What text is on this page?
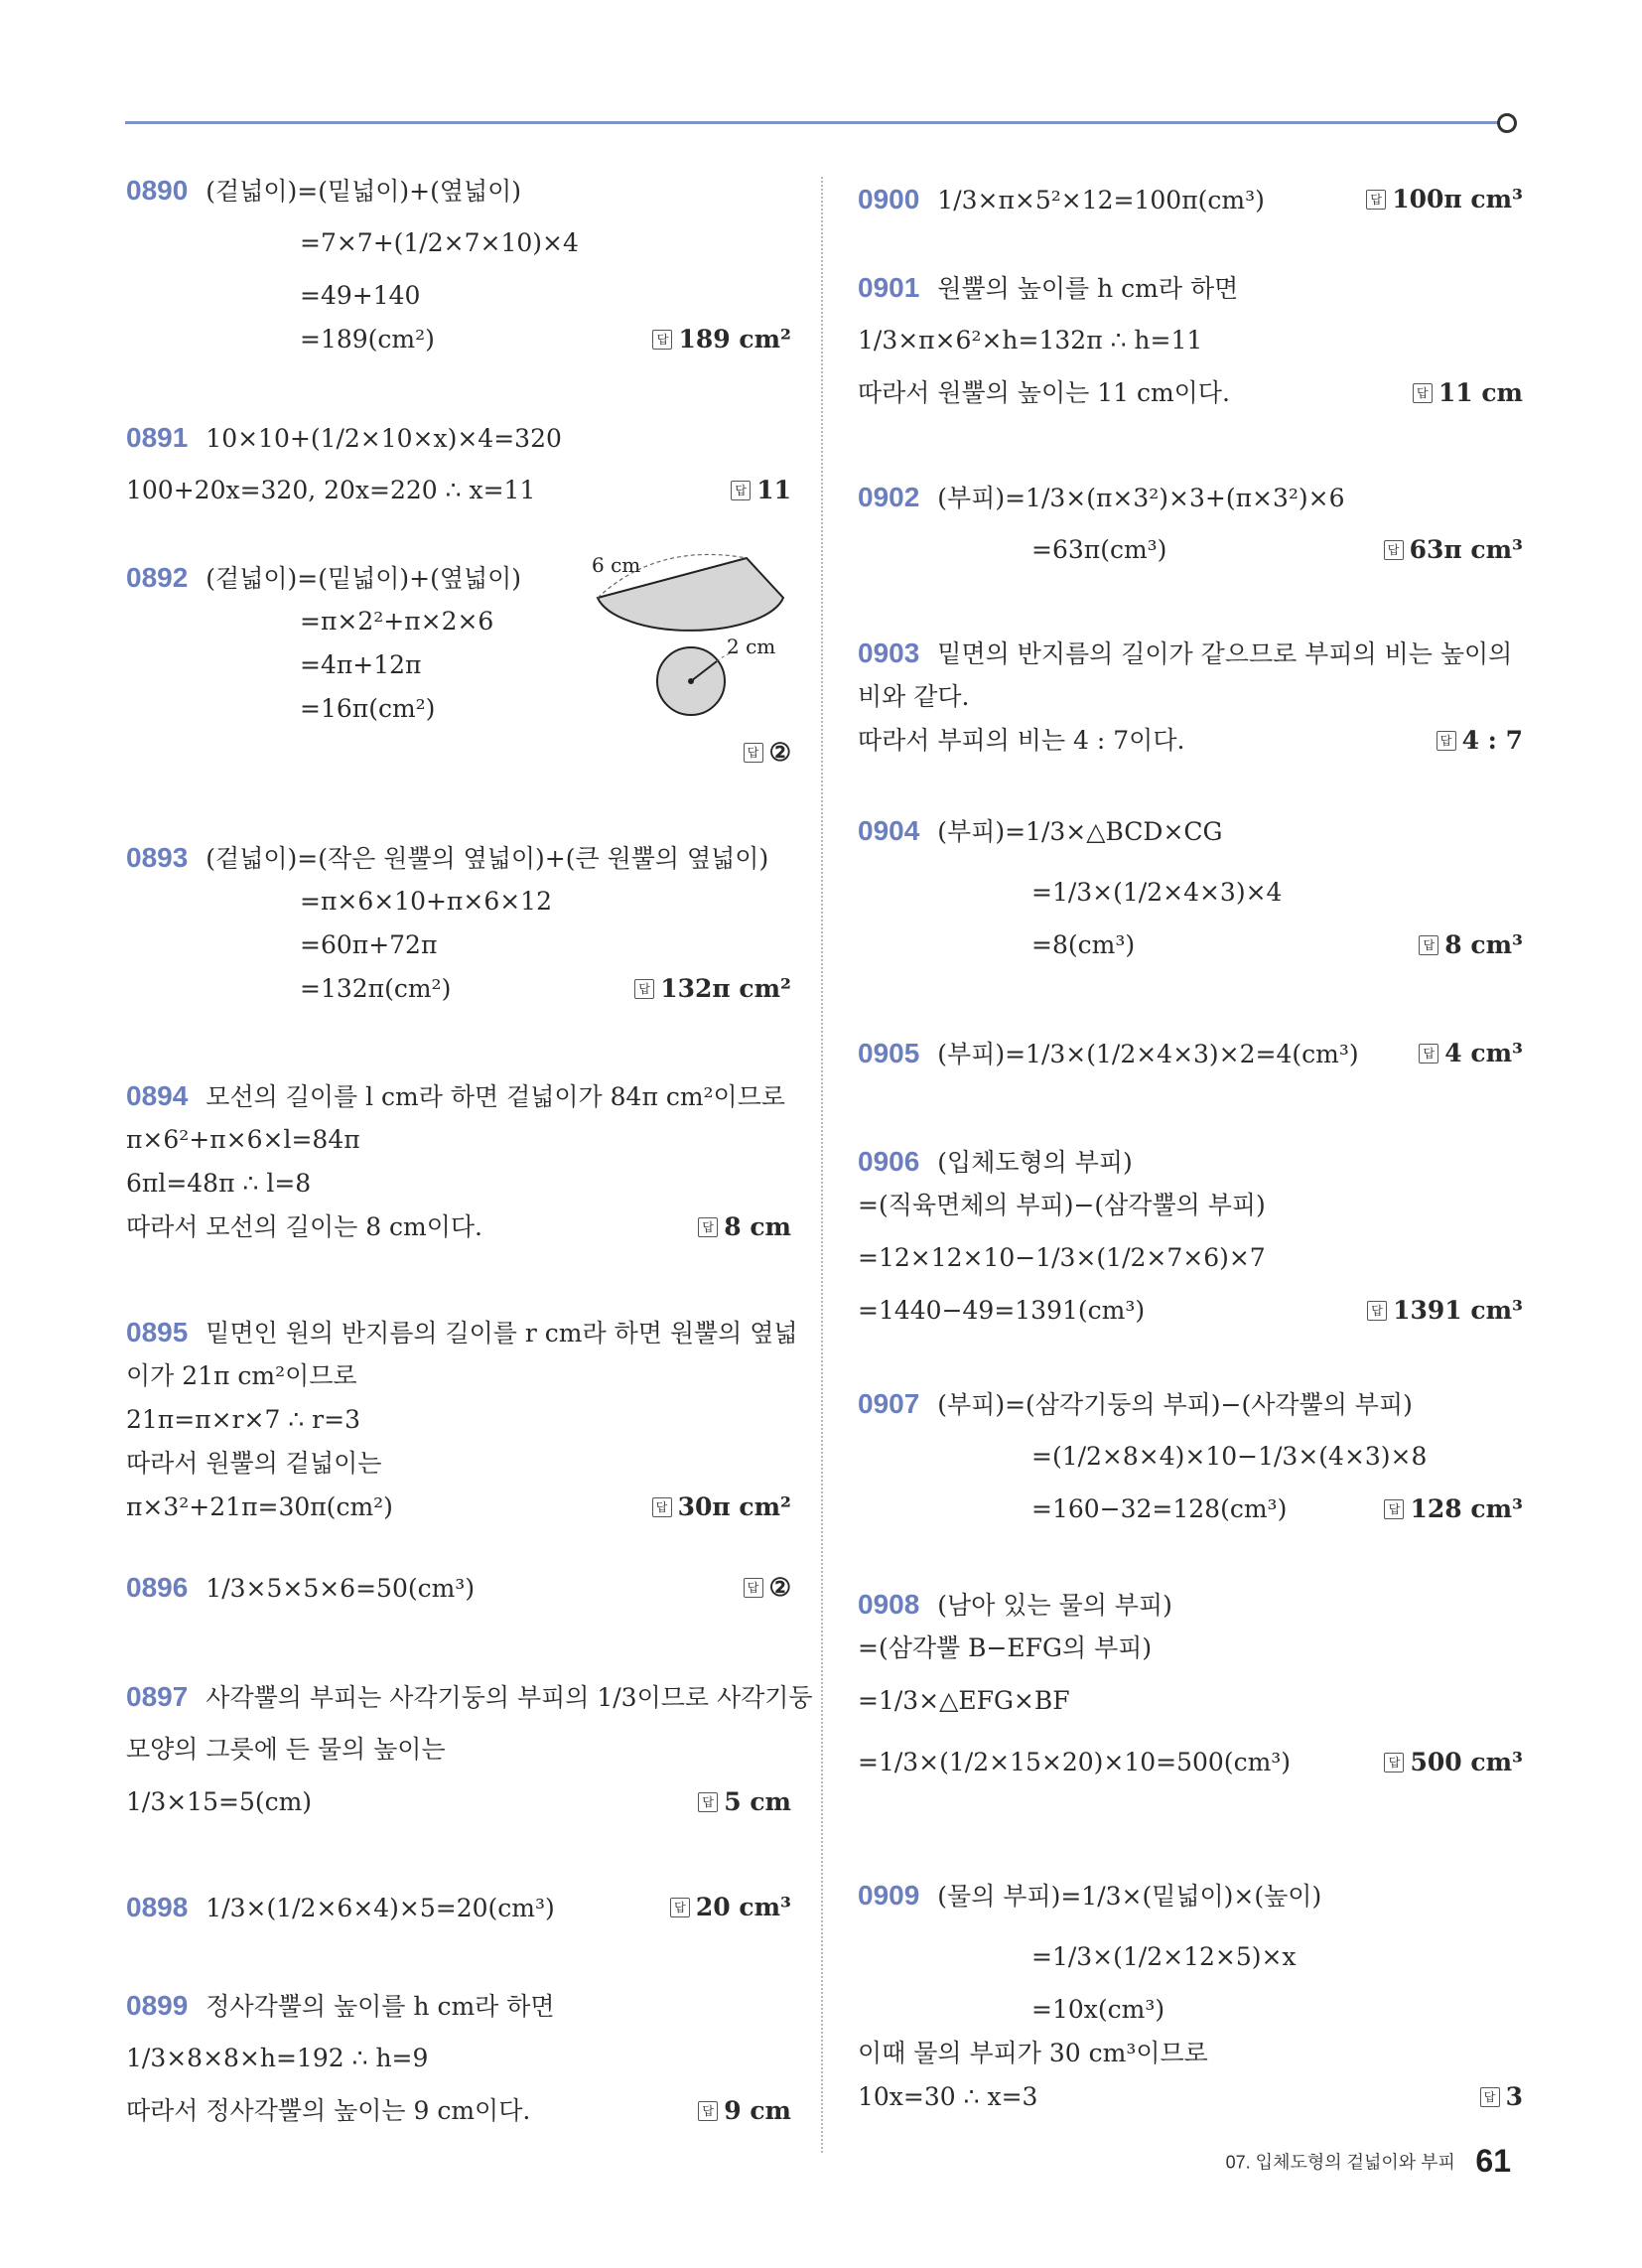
0890 (겉넓이)=(밑넓이)+(옆넓이)
=7×7+(1/2×7×10)×4
=49+140
=189(cm²)	답 189 cm²
0891 10×10+(1/2×10×x)×4=320
100+20x=320, 20x=220 ∴ x=11	답 11
0892 (겉넓이)=(밑넓이)+(옆넓이)
=π×2²+π×2×6
=4π+12π
=16π(cm²)
답 ②
6 cm
2 cm
0893 (겉넓이)=(작은 원뿔의 옆넓이)+(큰 원뿔의 옆넓이)
=π×6×10+π×6×12
=60π+72π
=132π(cm²)	답 132π cm²
0894 모선의 길이를 l cm라 하면 겉넓이가 84π cm²이므로
π×6²+π×6×l=84π
6πl=48π ∴ l=8
따라서 모선의 길이는 8 cm이다.	답 8 cm
0895 밑면인 원의 반지름의 길이를 r cm라 하면 원뿔의 옆넓
이가 21π cm²이므로
21π=π×r×7 ∴ r=3
따라서 원뿔의 겉넓이는
π×3²+21π=30π(cm²)	답 30π cm²
0896 1/3×5×5×6=50(cm³)	답 ②
0897 사각뿔의 부피는 사각기둥의 부피의 1/3이므로 사각기둥
모양의 그릇에 든 물의 높이는
1/3×15=5(cm)	답 5 cm
0898 1/3×(1/2×6×4)×5=20(cm³)	답 20 cm³
0899 정사각뿔의 높이를 h cm라 하면
1/3×8×8×h=192 ∴ h=9
따라서 정사각뿔의 높이는 9 cm이다.	답 9 cm
0900 1/3×π×5²×12=100π(cm³)	답 100π cm³
0901 원뿔의 높이를 h cm라 하면
1/3×π×6²×h=132π ∴ h=11
따라서 원뿔의 높이는 11 cm이다.	답 11 cm
0902 (부피)=1/3×(π×3²)×3+(π×3²)×6
=63π(cm³)	답 63π cm³
0903 밑면의 반지름의 길이가 같으므로 부피의 비는 높이의
비와 같다.
따라서 부피의 비는 4 : 7이다.	답 4 : 7
0904 (부피)=1/3×△BCD×CG
=1/3×(1/2×4×3)×4
=8(cm³)	답 8 cm³
0905 (부피)=1/3×(1/2×4×3)×2=4(cm³)	답 4 cm³
0906 (입체도형의 부피)
=(직육면체의 부피)−(삼각뿔의 부피)
=12×12×10−1/3×(1/2×7×6)×7
=1440−49=1391(cm³)	답 1391 cm³
0907 (부피)=(삼각기둥의 부피)−(사각뿔의 부피)
=(1/2×8×4)×10−1/3×(4×3)×8
=160−32=128(cm³)	답 128 cm³
0908 (남아 있는 물의 부피)
=(삼각뿔 B−EFG의 부피)
=1/3×△EFG×BF
=1/3×(1/2×15×20)×10=500(cm³)	답 500 cm³
0909 (물의 부피)=1/3×(밑넓이)×(높이)
=1/3×(1/2×12×5)×x
=10x(cm³)
이때 물의 부피가 30 cm³이므로
10x=30 ∴ x=3	답 3
07. 입체도형의 겉넓이와 부피 61
